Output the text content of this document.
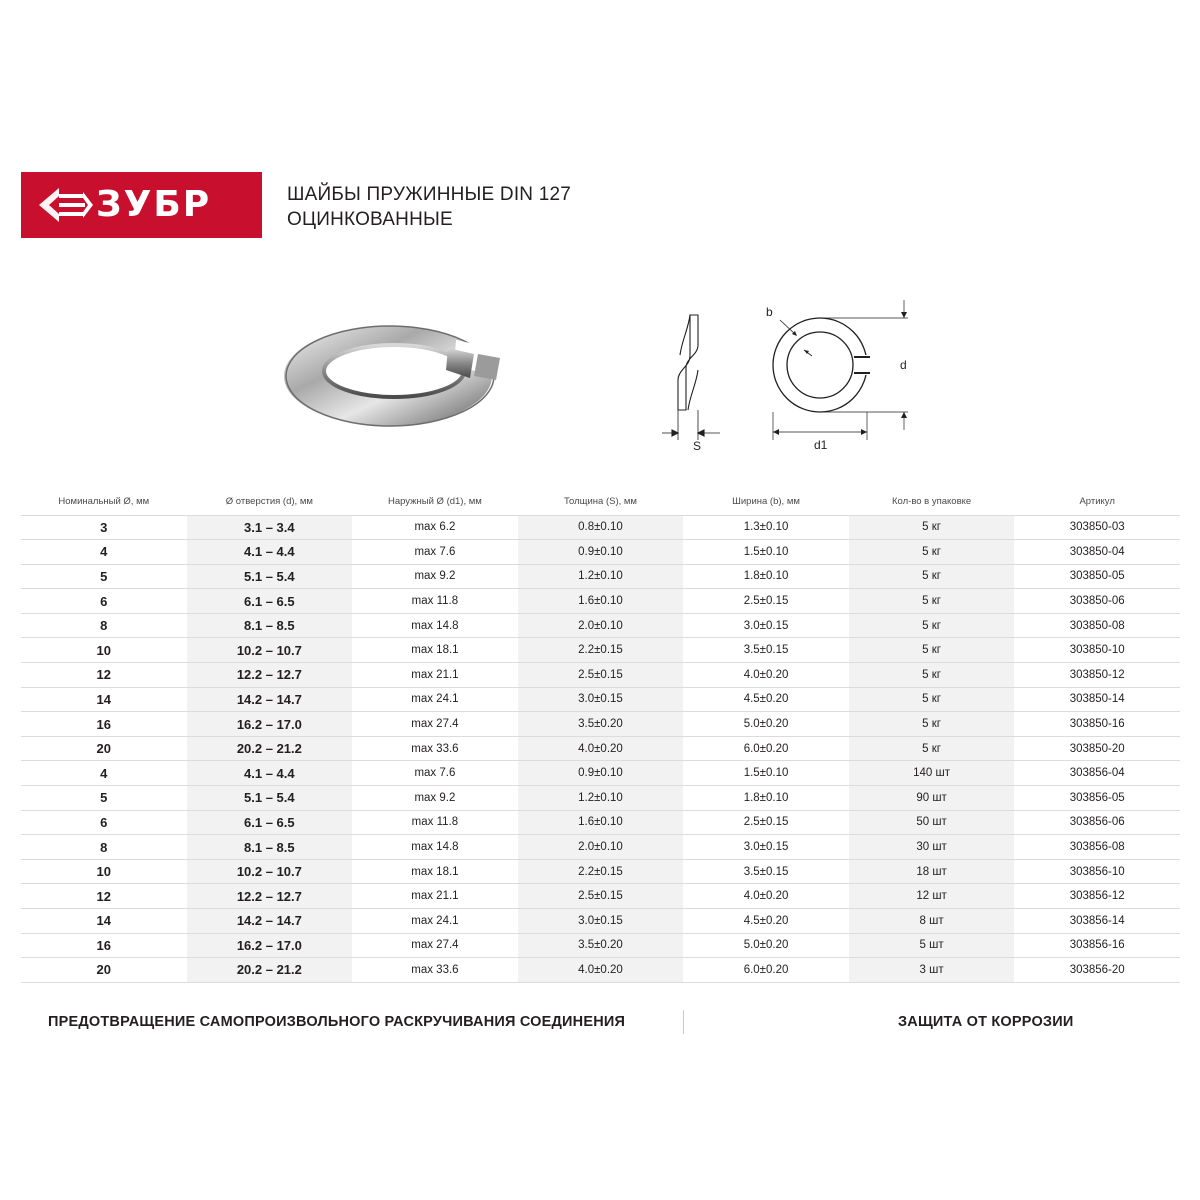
ЗУБР	ШАЙБЫ ПРУЖИННЫЕ DIN 127
ОЦИНКОВАННЫЕ
S
b
d
d1
Номинальный Ø, мм	Ø отверстия (d), мм	Наружный Ø (d1), мм	Толщина (S), мм	Ширина (b), мм	Кол-во в упаковке	Артикул
3	3.1 – 3.4	max 6.2	0.8±0.10	1.3±0.10	5 кг	303850-03
4	4.1 – 4.4	max 7.6	0.9±0.10	1.5±0.10	5 кг	303850-04
5	5.1 – 5.4	max 9.2	1.2±0.10	1.8±0.10	5 кг	303850-05
6	6.1 – 6.5	max 11.8	1.6±0.10	2.5±0.15	5 кг	303850-06
8	8.1 – 8.5	max 14.8	2.0±0.10	3.0±0.15	5 кг	303850-08
10	10.2 – 10.7	max 18.1	2.2±0.15	3.5±0.15	5 кг	303850-10
12	12.2 – 12.7	max 21.1	2.5±0.15	4.0±0.20	5 кг	303850-12
14	14.2 – 14.7	max 24.1	3.0±0.15	4.5±0.20	5 кг	303850-14
16	16.2 – 17.0	max 27.4	3.5±0.20	5.0±0.20	5 кг	303850-16
20	20.2 – 21.2	max 33.6	4.0±0.20	6.0±0.20	5 кг	303850-20
4	4.1 – 4.4	max 7.6	0.9±0.10	1.5±0.10	140 шт	303856-04
5	5.1 – 5.4	max 9.2	1.2±0.10	1.8±0.10	90 шт	303856-05
6	6.1 – 6.5	max 11.8	1.6±0.10	2.5±0.15	50 шт	303856-06
8	8.1 – 8.5	max 14.8	2.0±0.10	3.0±0.15	30 шт	303856-08
10	10.2 – 10.7	max 18.1	2.2±0.15	3.5±0.15	18 шт	303856-10
12	12.2 – 12.7	max 21.1	2.5±0.15	4.0±0.20	12 шт	303856-12
14	14.2 – 14.7	max 24.1	3.0±0.15	4.5±0.20	8 шт	303856-14
16	16.2 – 17.0	max 27.4	3.5±0.20	5.0±0.20	5 шт	303856-16
20	20.2 – 21.2	max 33.6	4.0±0.20	6.0±0.20	3 шт	303856-20
ПРЕДОТВРАЩЕНИЕ САМОПРОИЗВОЛЬНОГО РАСКРУЧИВАНИЯ СОЕДИНЕНИЯ	ЗАЩИТА ОТ КОРРОЗИИ
